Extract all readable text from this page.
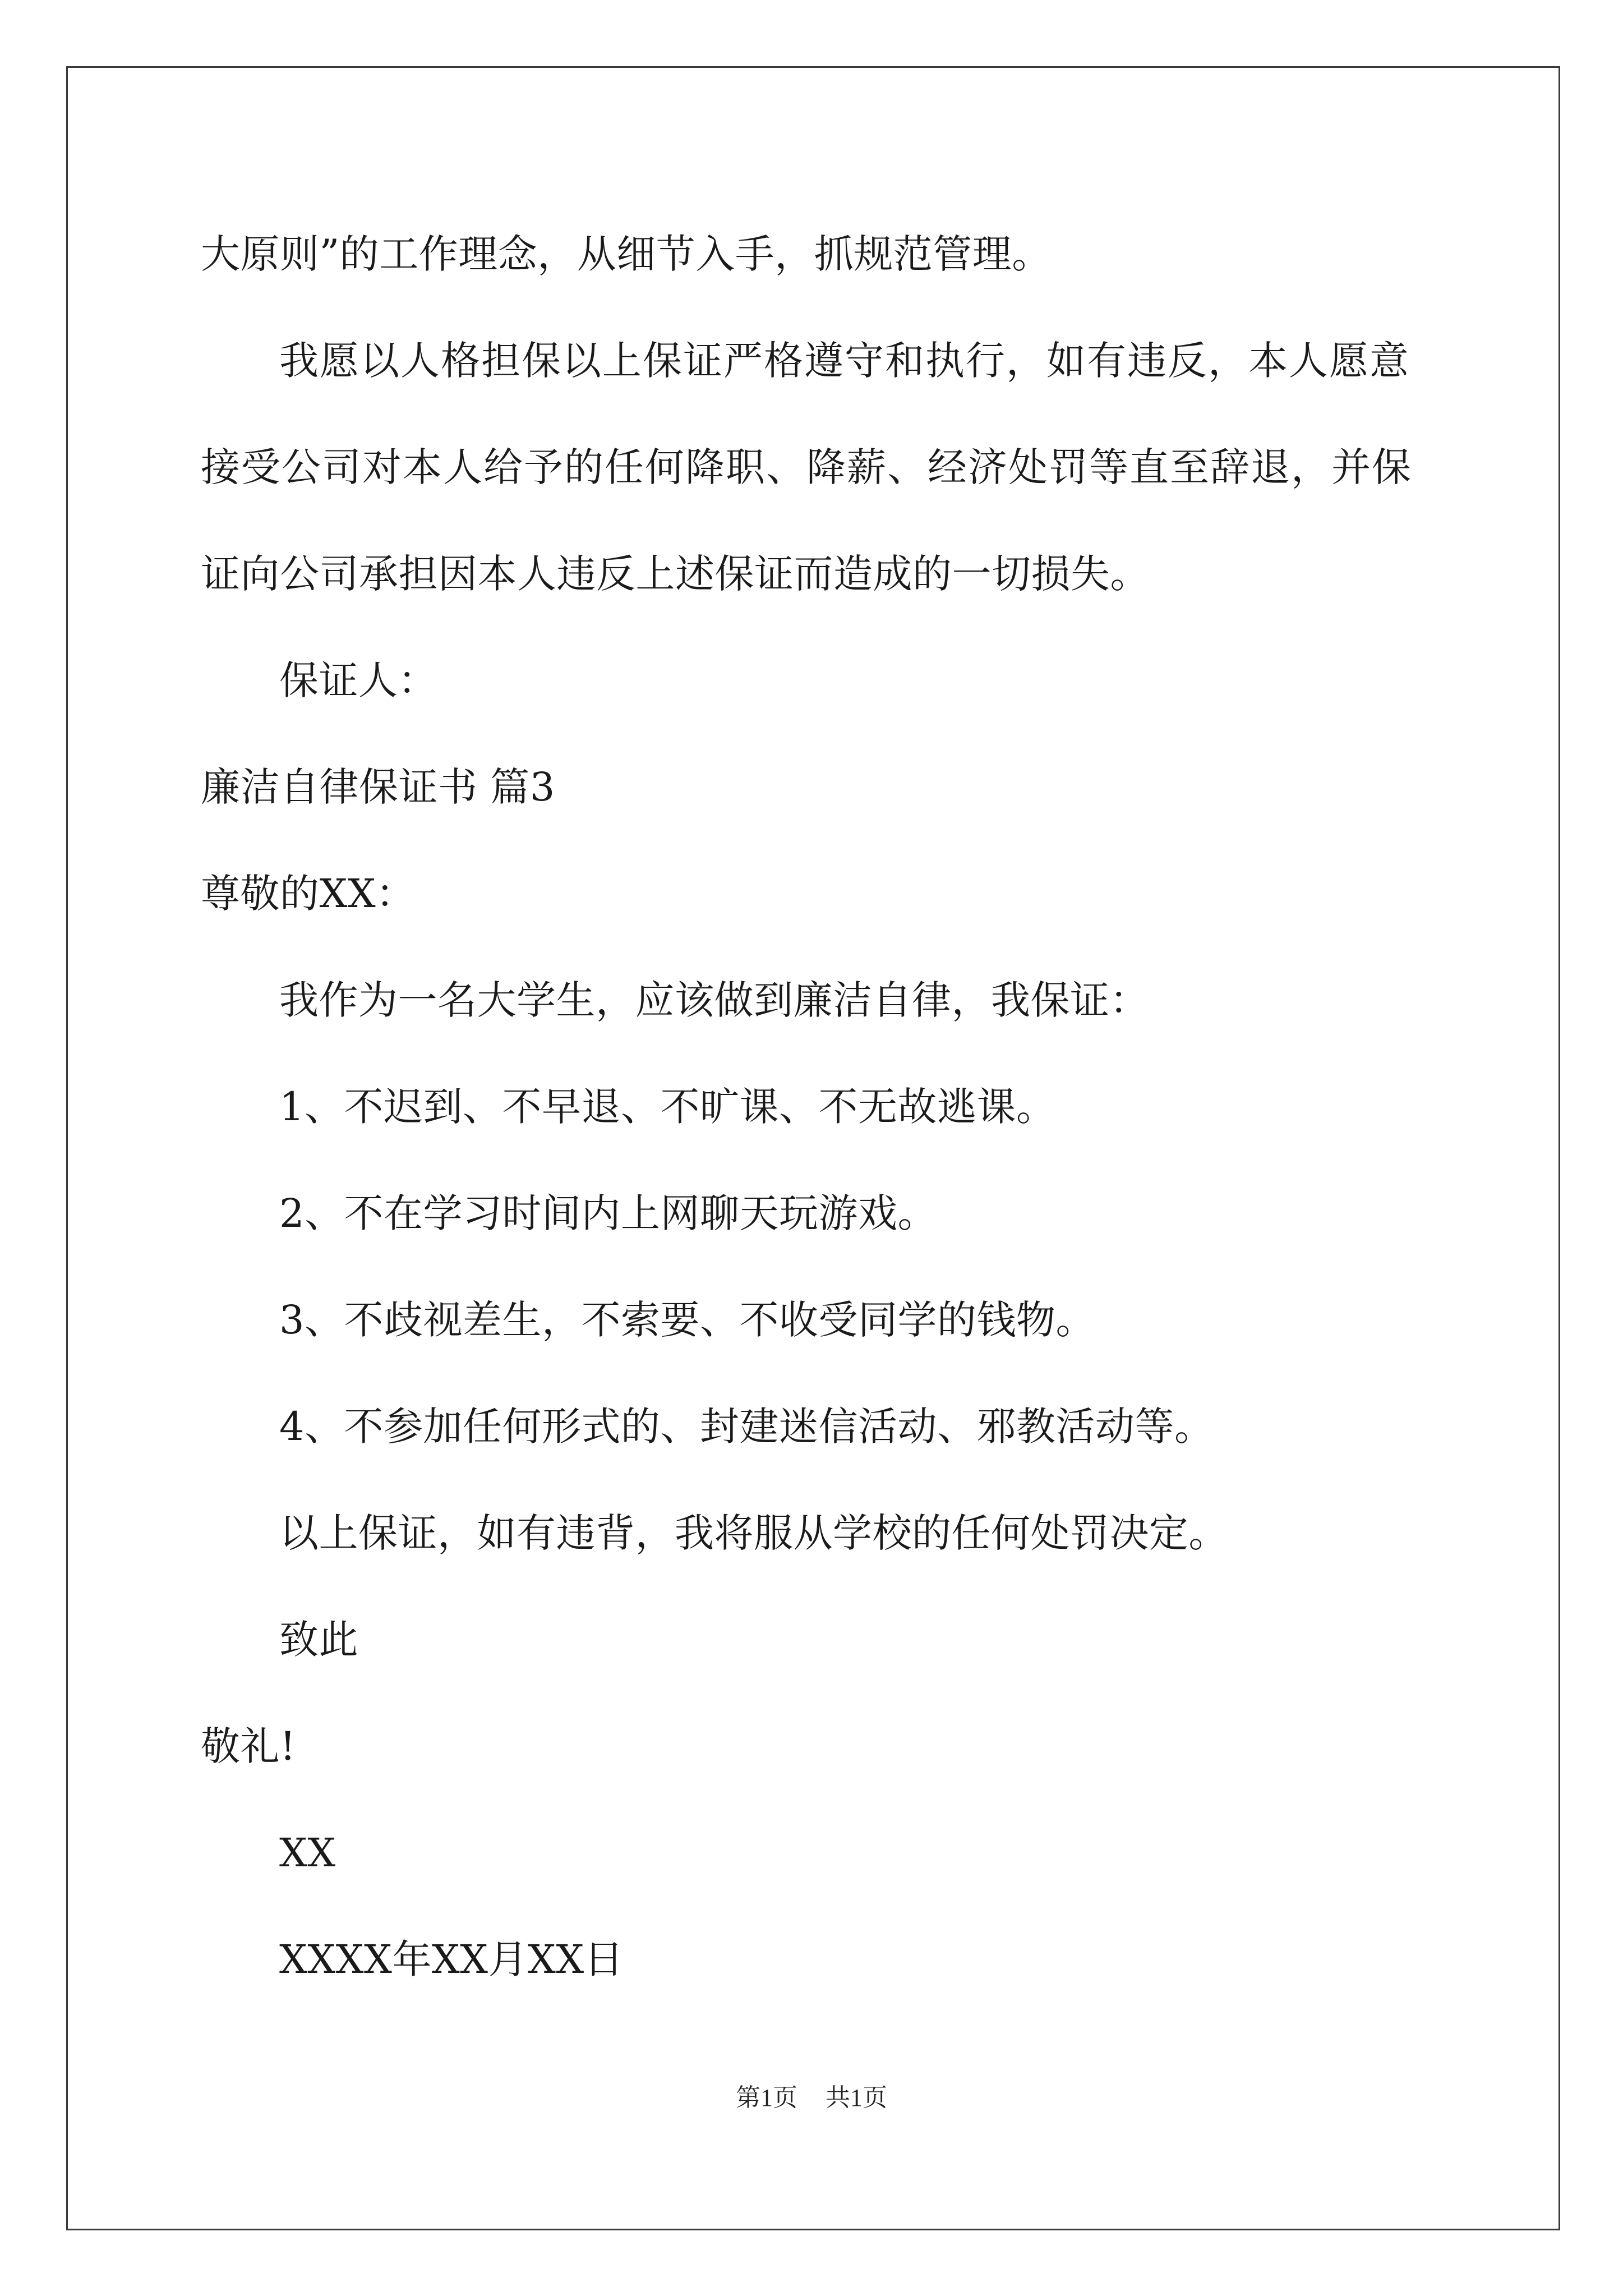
大原则”的工作理念，从细节入手，抓规范管理。
我愿以人格担保以上保证严格遵守和执行，如有违反，本人愿意
接受公司对本人给予的任何降职、降薪、经济处罚等直至辞退，并保
证向公司承担因本人违反上述保证而造成的一切损失。
保证人：
廉洁自律保证书 篇3
尊敬的XX：
我作为一名大学生，应该做到廉洁自律，我保证：
1、不迟到、不早退、不旷课、不无故逃课。
2、不在学习时间内上网聊天玩游戏。
3、不歧视差生，不索要、不收受同学的钱物。
4、不参加任何形式的、封建迷信活动、邪教活动等。
以上保证，如有违背，我将服从学校的任何处罚决定。
致此
敬礼!
XX
XXXX年XX月XX日
第1页 共1页
